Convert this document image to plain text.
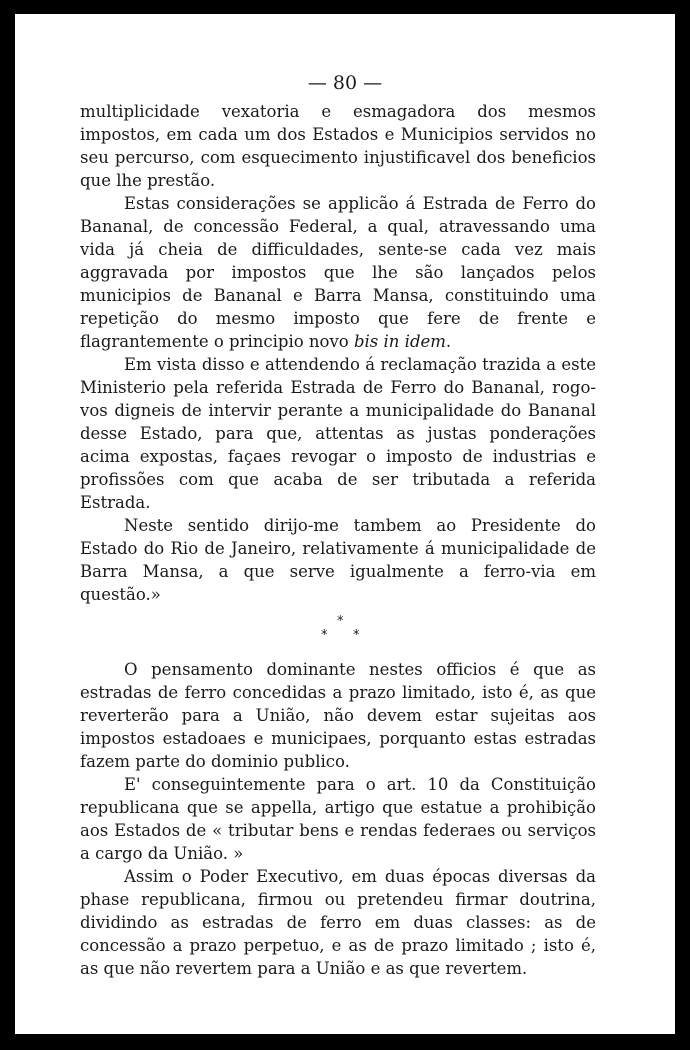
— 80 —

multiplicidade vexatoria e esmagadora dos mesmos impostos, em cada um dos Estados e Municipios servidos no seu percurso, com esquecimento injustificavel dos beneficios que lhe prestão.

Estas considerações se applicão á Estrada de Ferro do Bananal, de concessão Federal, a qual, atravessando uma vida já cheia de difficuldades, sente-se cada vez mais aggravada por impostos que lhe são lançados pelos municipios de Bananal e Barra Mansa, constituindo uma repetição do mesmo imposto que fere de frente e flagrantemente o principio novo bis in idem.

Em vista disso e attendendo á reclamação trazida a este Ministerio pela referida Estrada de Ferro do Bananal, rogo-vos digneis de intervir perante a municipalidade do Bananal desse Estado, para que, attentas as justas ponderações acima expostas, façaes revogar o imposto de industrias e profissões com que acaba de ser tributada a referida Estrada.

Neste sentido dirijo-me tambem ao Presidente do Estado do Rio de Janeiro, relativamente á municipalidade de Barra Mansa, a que serve igualmente a ferro-via em questão.»

*
* *

O pensamento dominante nestes officios é que as estradas de ferro concedidas a prazo limitado, isto é, as que reverterão para a União, não devem estar sujeitas aos impostos estadoaes e municipaes, porquanto estas estradas fazem parte do dominio publico.

E' conseguintemente para o art. 10 da Constituição republicana que se appella, artigo que estatue a prohibição aos Estados de « tributar bens e rendas federaes ou serviços a cargo da União. »

Assim o Poder Executivo, em duas épocas diversas da phase republicana, firmou ou pretendeu firmar doutrina, dividindo as estradas de ferro em duas classes: as de concessão a prazo perpetuo, e as de prazo limitado ; isto é, as que não revertem para a União e as que revertem.
